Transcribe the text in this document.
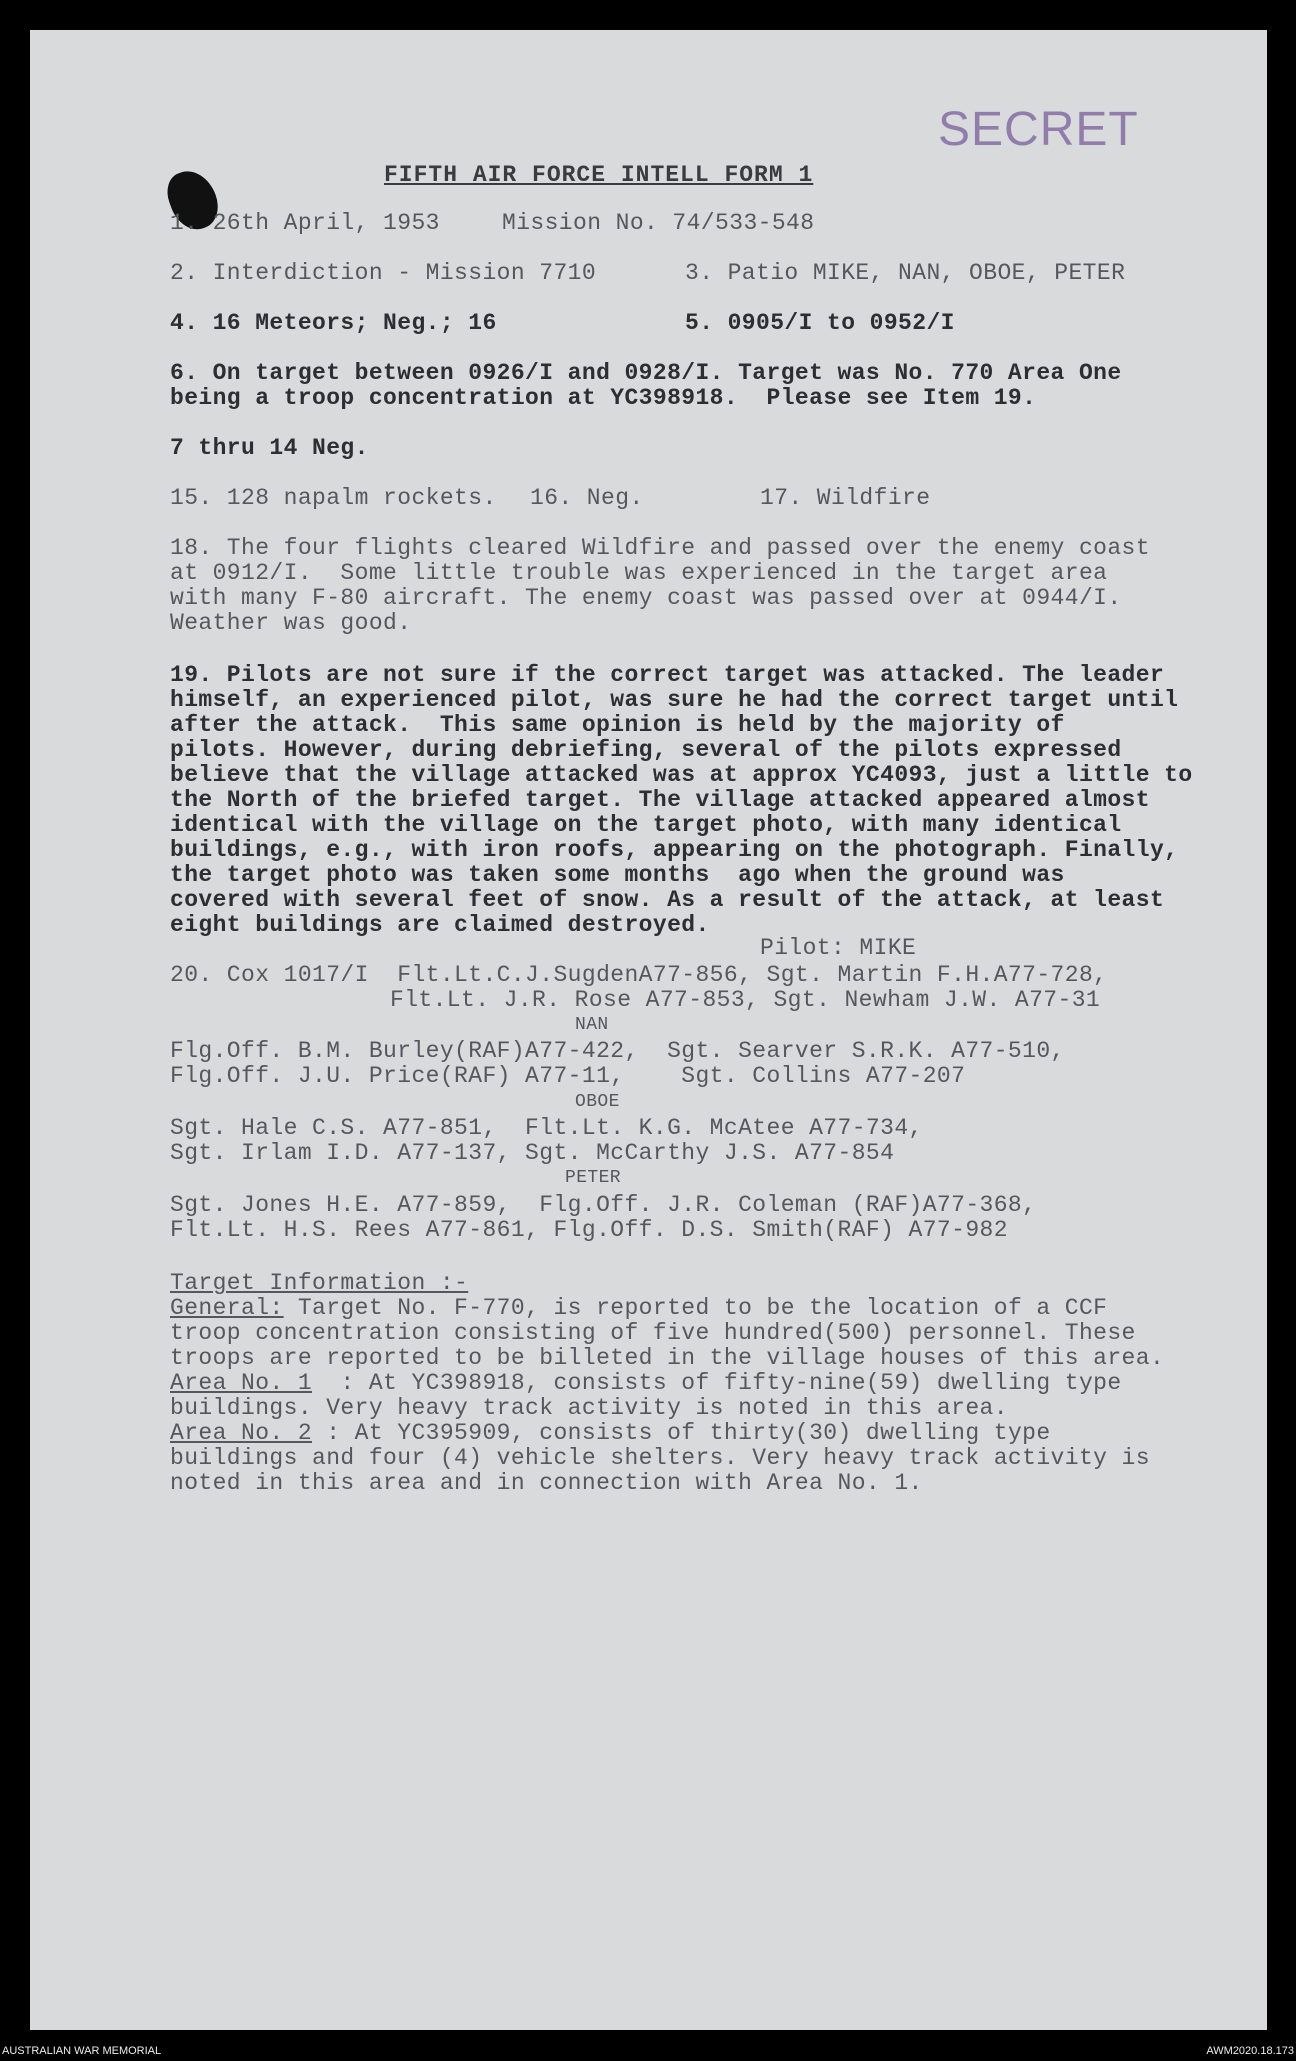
SECRET
FIFTH AIR FORCE INTELL FORM 1
1. 26th April, 1953	Mission No. 74/533-548
2. Interdiction - Mission 7710	3. Patio MIKE, NAN, OBOE, PETER
4. 16 Meteors; Neg.; 16	5. 0905/I to 0952/I
6. On target between 0926/I and 0928/I. Target was No. 770 Area One
being a troop concentration at YC398918.  Please see Item 19.
7 thru 14 Neg.
15. 128 napalm rockets. 16. Neg.	17. Wildfire
18. The four flights cleared Wildfire and passed over the enemy coast
at 0912/I.  Some little trouble was experienced in the target area
with many F-80 aircraft. The enemy coast was passed over at 0944/I.
Weather was good.
19. Pilots are not sure if the correct target was attacked. The leader
himself, an experienced pilot, was sure he had the correct target until
after the attack.  This same opinion is held by the majority of
pilots. However, during debriefing, several of the pilots expressed
believe that the village attacked was at approx YC4093, just a little to
the North of the briefed target. The village attacked appeared almost
identical with the village on the target photo, with many identical
buildings, e.g., with iron roofs, appearing on the photograph. Finally,
the target photo was taken some months  ago when the ground was
covered with several feet of snow. As a result of the attack, at least
eight buildings are claimed destroyed.
Pilot: MIKE
20. Cox 1017/I  Flt.Lt.C.J.SugdenA77-856, Sgt. Martin F.H.A77-728,
Flt.Lt. J.R. Rose A77-853, Sgt. Newham J.W. A77-31
NAN
Flg.Off. B.M. Burley(RAF)A77-422,  Sgt. Searver S.R.K. A77-510,
Flg.Off. J.U. Price(RAF) A77-11,    Sgt. Collins A77-207
OBOE
Sgt. Hale C.S. A77-851,  Flt.Lt. K.G. McAtee A77-734,
Sgt. Irlam I.D. A77-137, Sgt. McCarthy J.S. A77-854
PETER
Sgt. Jones H.E. A77-859,  Flg.Off. J.R. Coleman (RAF)A77-368,
Flt.Lt. H.S. Rees A77-861, Flg.Off. D.S. Smith(RAF) A77-982
Target Information :-
General: Target No. F-770, is reported to be the location of a CCF
troop concentration consisting of five hundred(500) personnel. These
troops are reported to be billeted in the village houses of this area.
Area No. 1  : At YC398918, consists of fifty-nine(59) dwelling type
buildings. Very heavy track activity is noted in this area.
Area No. 2 : At YC395909, consists of thirty(30) dwelling type
buildings and four (4) vehicle shelters. Very heavy track activity is
noted in this area and in connection with Area No. 1.
AUSTRALIAN WAR MEMORIAL	AWM2020.18.173
